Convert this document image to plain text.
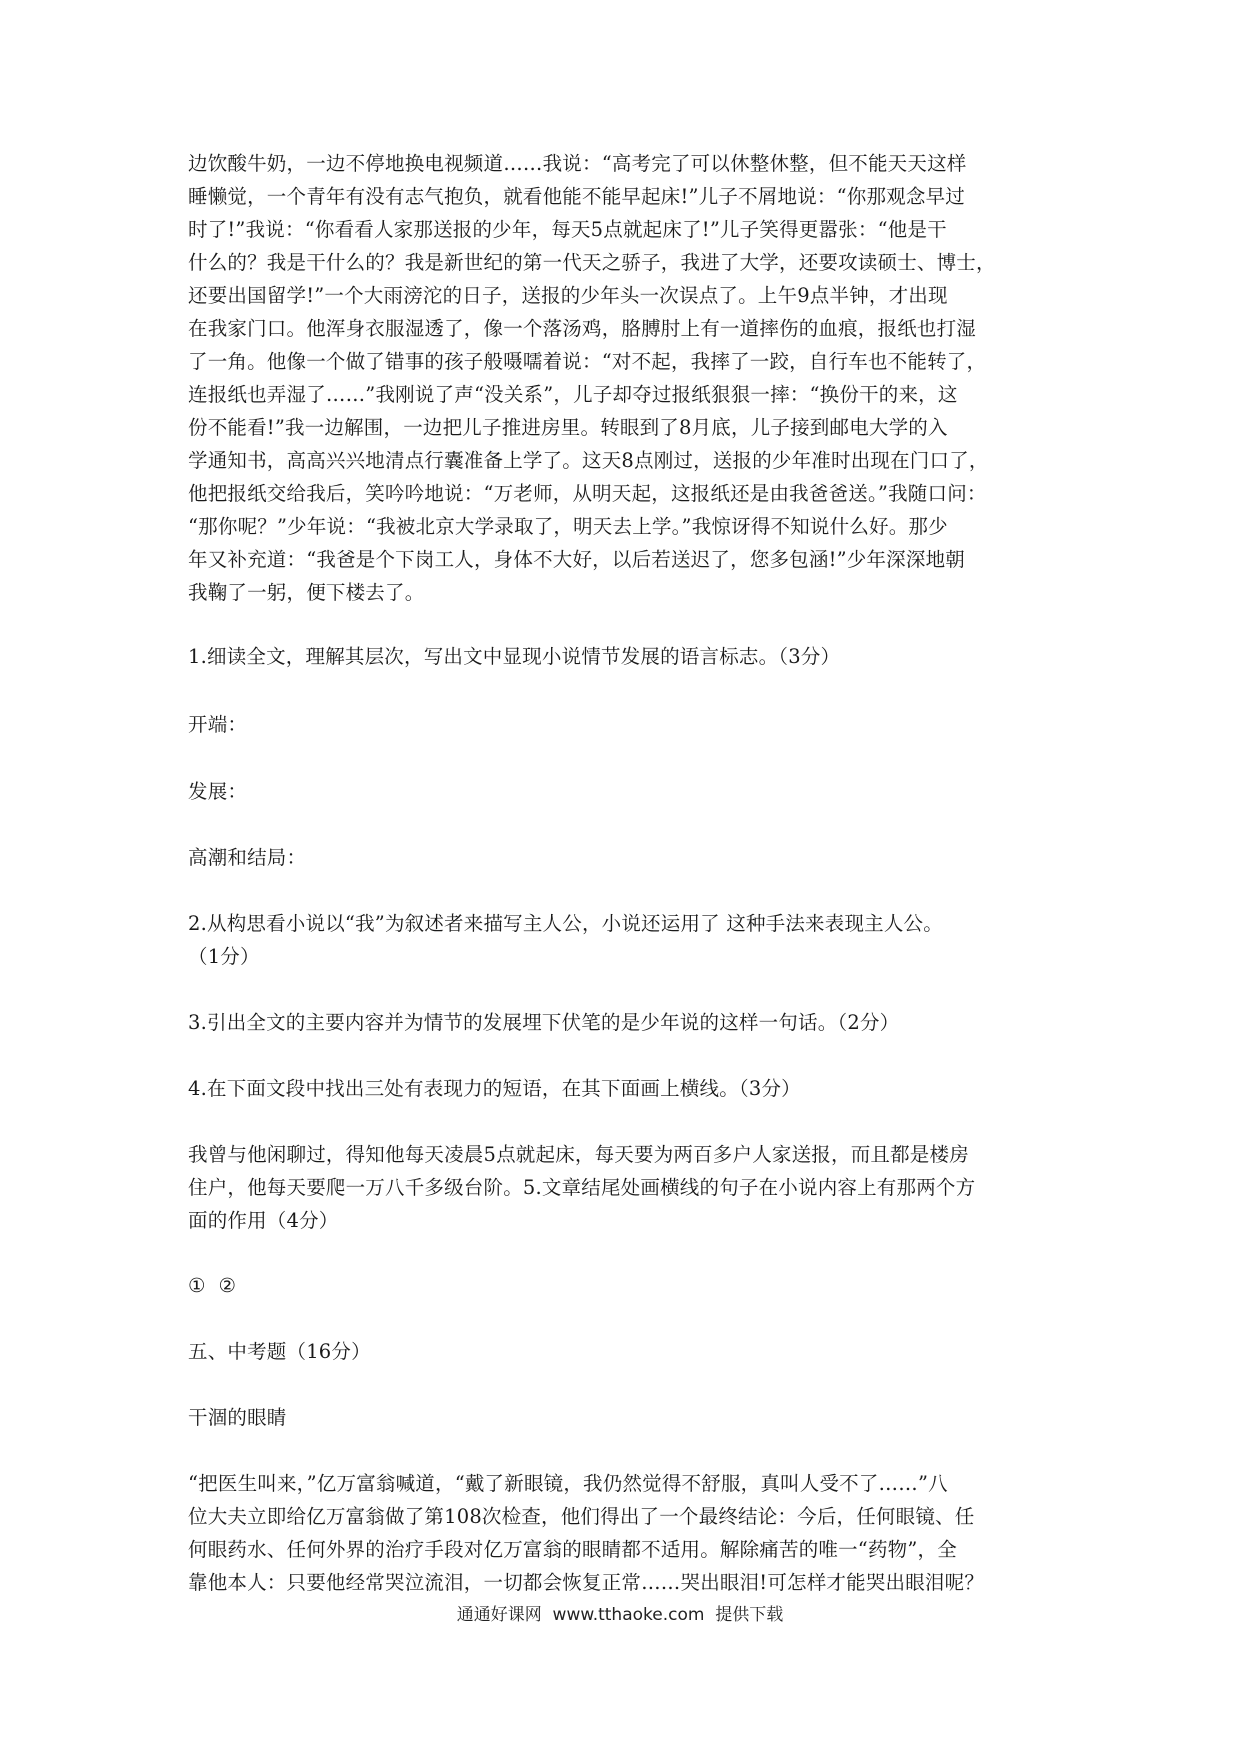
边饮酸牛奶，一边不停地换电视频道……我说：“高考完了可以休整休整，但不能天天这样
睡懒觉，一个青年有没有志气抱负，就看他能不能早起床!”儿子不屑地说：“你那观念早过
时了!”我说：“你看看人家那送报的少年，每天5点就起床了!”儿子笑得更嚣张：“他是干
什么的？我是干什么的？我是新世纪的第一代天之骄子，我进了大学，还要攻读硕士、博士，
还要出国留学!”一个大雨滂沱的日子，送报的少年头一次误点了。上午9点半钟，才出现
在我家门口。他浑身衣服湿透了，像一个落汤鸡，胳膊肘上有一道摔伤的血痕，报纸也打湿
了一角。他像一个做了错事的孩子般嗫嚅着说：“对不起，我摔了一跤，自行车也不能转了，
连报纸也弄湿了……”我刚说了声“没关系”，儿子却夺过报纸狠狠一摔：“换份干的来，这
份不能看!”我一边解围，一边把儿子推进房里。转眼到了8月底，儿子接到邮电大学的入
学通知书，高高兴兴地清点行囊准备上学了。这天8点刚过，送报的少年准时出现在门口了，
他把报纸交给我后，笑吟吟地说：“万老师，从明天起，这报纸还是由我爸爸送。”我随口问：
“那你呢？”少年说：“我被北京大学录取了，明天去上学。”我惊讶得不知说什么好。那少
年又补充道：“我爸是个下岗工人，身体不大好，以后若送迟了，您多包涵!”少年深深地朝
我鞠了一躬，便下楼去了。
1.细读全文，理解其层次，写出文中显现小说情节发展的语言标志。（3分）
开端：
发展：
高潮和结局：
2.从构思看小说以“我”为叙述者来描写主人公，小说还运用了 这种手法来表现主人公。
（1分）
3.引出全文的主要内容并为情节的发展埋下伏笔的是少年说的这样一句话。（2分）
4.在下面文段中找出三处有表现力的短语，在其下面画上横线。（3分）
我曾与他闲聊过，得知他每天凌晨5点就起床，每天要为两百多户人家送报，而且都是楼房
住户，他每天要爬一万八千多级台阶。5.文章结尾处画横线的句子在小说内容上有那两个方
面的作用（4分）
①  ②
五、中考题（16分）
干涸的眼睛
“把医生叫来，”亿万富翁喊道，“戴了新眼镜，我仍然觉得不舒服，真叫人受不了……”八
位大夫立即给亿万富翁做了第108次检查，他们得出了一个最终结论：今后，任何眼镜、任
何眼药水、任何外界的治疗手段对亿万富翁的眼睛都不适用。解除痛苦的唯一“药物”，全
靠他本人：只要他经常哭泣流泪，一切都会恢复正常……哭出眼泪!可怎样才能哭出眼泪呢？
通通好课网  www.tthaoke.com  提供下载
